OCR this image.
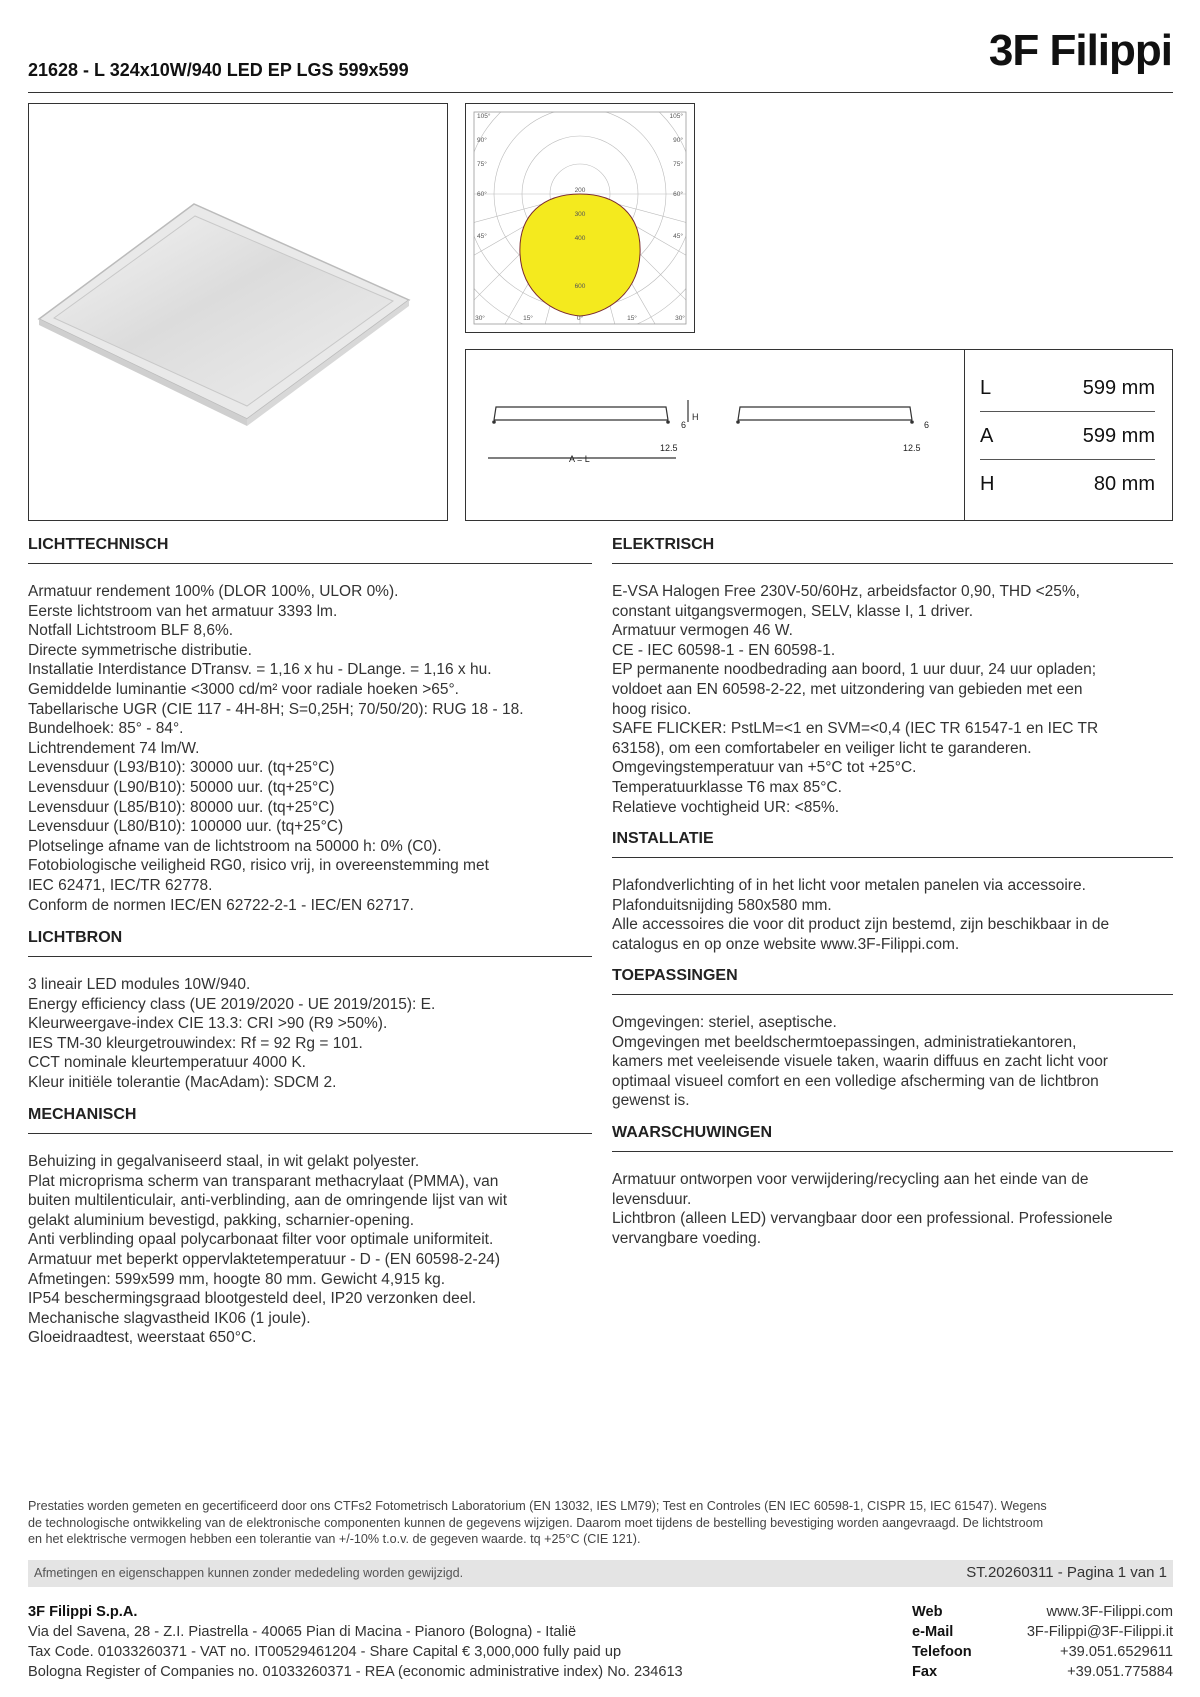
21628 - L 324x10W/940 LED EP LGS 599x599	3F Filippi
105°	105°
90°	90°
75°	75°
60°	60°
45°	45°
30°	15°	0°	15°	30°
200
300
400
600
6
H
12.5
A = L
6
12.5
L	599 mm
A	599 mm
H	80 mm
LICHTTECHNISCH
Armatuur rendement 100% (DLOR 100%, ULOR 0%).
Eerste lichtstroom van het armatuur 3393 lm.
Notfall Lichtstroom BLF 8,6%.
Directe symmetrische distributie.
Installatie Interdistance DTransv. = 1,16 x hu - DLange. = 1,16 x hu.
Gemiddelde luminantie <3000 cd/m² voor radiale hoeken >65°.
Tabellarische UGR (CIE 117 - 4H-8H; S=0,25H; 70/50/20): RUG 18 - 18.
Bundelhoek: 85° - 84°.
Lichtrendement 74 lm/W.
Levensduur (L93/B10): 30000 uur. (tq+25°C)
Levensduur (L90/B10): 50000 uur. (tq+25°C)
Levensduur (L85/B10): 80000 uur. (tq+25°C)
Levensduur (L80/B10): 100000 uur. (tq+25°C)
Plotselinge afname van de lichtstroom na 50000 h: 0% (C0).
Fotobiologische veiligheid RG0, risico vrij, in overeenstemming met
IEC 62471, IEC/TR 62778.
Conform de normen IEC/EN 62722-2-1 - IEC/EN 62717.
LICHTBRON
3 lineair LED modules 10W/940.
Energy efficiency class (UE 2019/2020 - UE 2019/2015): E.
Kleurweergave-index CIE 13.3: CRI >90 (R9 >50%).
IES TM-30 kleurgetrouwindex: Rf = 92 Rg = 101.
CCT nominale kleurtemperatuur 4000 K.
Kleur initiële tolerantie (MacAdam): SDCM 2.
MECHANISCH
Behuizing in gegalvaniseerd staal, in wit gelakt polyester.
Plat microprisma scherm van transparant methacrylaat (PMMA), van
buiten multilenticulair, anti-verblinding, aan de omringende lijst van wit
gelakt aluminium bevestigd, pakking, scharnier-opening.
Anti verblinding opaal polycarbonaat filter voor optimale uniformiteit.
Armatuur met beperkt oppervlaktetemperatuur - D - (EN 60598-2-24)
Afmetingen: 599x599 mm, hoogte 80 mm. Gewicht 4,915 kg.
IP54 beschermingsgraad blootgesteld deel, IP20 verzonken deel.
Mechanische slagvastheid IK06 (1 joule).
Gloeidraadtest, weerstaat 650°C.
ELEKTRISCH
E-VSA Halogen Free 230V-50/60Hz, arbeidsfactor 0,90, THD <25%,
constant uitgangsvermogen, SELV, klasse I, 1 driver.
Armatuur vermogen 46 W.
CE - IEC 60598-1 - EN 60598-1.
EP permanente noodbedrading aan boord, 1 uur duur, 24 uur opladen;
voldoet aan EN 60598-2-22, met uitzondering van gebieden met een
hoog risico.
SAFE FLICKER: PstLM=<1 en SVM=<0,4 (IEC TR 61547-1 en IEC TR
63158), om een comfortabeler en veiliger licht te garanderen.
Omgevingstemperatuur van +5°C tot +25°C.
Temperatuurklasse T6 max 85°C.
Relatieve vochtigheid UR: <85%.
INSTALLATIE
Plafondverlichting of in het licht voor metalen panelen via accessoire.
Plafonduitsnijding 580x580 mm.
Alle accessoires die voor dit product zijn bestemd, zijn beschikbaar in de
catalogus en op onze website www.3F-Filippi.com.
TOEPASSINGEN
Omgevingen: steriel, aseptische.
Omgevingen met beeldschermtoepassingen, administratiekantoren,
kamers met veeleisende visuele taken, waarin diffuus en zacht licht voor
optimaal visueel comfort en een volledige afscherming van de lichtbron
gewenst is.
WAARSCHUWINGEN
Armatuur ontworpen voor verwijdering/recycling aan het einde van de
levensduur.
Lichtbron (alleen LED) vervangbaar door een professional. Professionele
vervangbare voeding.
Prestaties worden gemeten en gecertificeerd door ons CTFs2 Fotometrisch Laboratorium (EN 13032, IES LM79); Test en Controles (EN IEC 60598-1, CISPR 15, IEC 61547). Wegens
de technologische ontwikkeling van de elektronische componenten kunnen de gegevens wijzigen. Daarom moet tijdens de bestelling bevestiging worden aangevraagd. De lichtstroom
en het elektrische vermogen hebben een tolerantie van +/-10% t.o.v. de gegeven waarde. tq +25°C (CIE 121).
Afmetingen en eigenschappen kunnen zonder mededeling worden gewijzigd.	ST.20260311 - Pagina 1 van 1
3F Filippi S.p.A.
Via del Savena, 28 - Z.I. Piastrella - 40065 Pian di Macina - Pianoro (Bologna) - Italië
Tax Code. 01033260371 - VAT no. IT00529461204 - Share Capital € 3,000,000 fully paid up
Bologna Register of Companies no. 01033260371 - REA (economic administrative index) No. 234613
Web	www.3F-Filippi.com
e-Mail	3F-Filippi@3F-Filippi.it
Telefoon	+39.051.6529611
Fax	+39.051.775884
